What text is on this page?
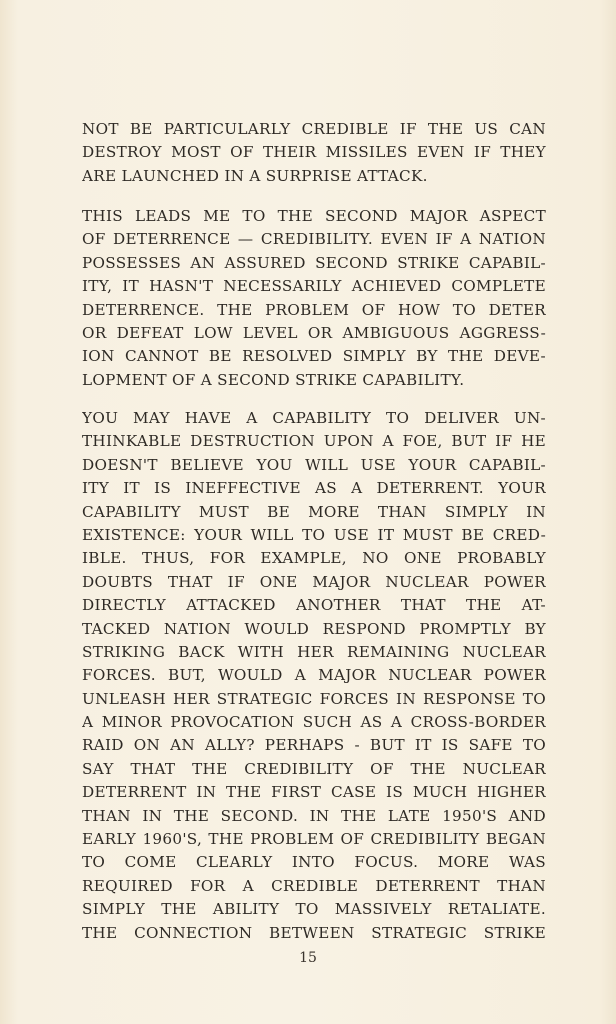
NOT BE PARTICULARLY CREDIBLE IF THE US CAN
DESTROY MOST OF THEIR MISSILES EVEN IF THEY
ARE LAUNCHED IN A SURPRISE ATTACK.
THIS LEADS ME TO THE SECOND MAJOR ASPECT
OF DETERRENCE — CREDIBILITY. EVEN IF A NATION
POSSESSES AN ASSURED SECOND STRIKE CAPABIL-
ITY, IT HASN'T NECESSARILY ACHIEVED COMPLETE
DETERRENCE. THE PROBLEM OF HOW TO DETER
OR DEFEAT LOW LEVEL OR AMBIGUOUS AGGRESS-
ION CANNOT BE RESOLVED SIMPLY BY THE DEVE-
LOPMENT OF A SECOND STRIKE CAPABILITY.
YOU MAY HAVE A CAPABILITY TO DELIVER UN-
THINKABLE DESTRUCTION UPON A FOE, BUT IF HE
DOESN'T BELIEVE YOU WILL USE YOUR CAPABIL-
ITY IT IS INEFFECTIVE AS A DETERRENT. YOUR
CAPABILITY MUST BE MORE THAN SIMPLY IN
EXISTENCE: YOUR WILL TO USE IT MUST BE CRED-
IBLE. THUS, FOR EXAMPLE, NO ONE PROBABLY
DOUBTS THAT IF ONE MAJOR NUCLEAR POWER
DIRECTLY ATTACKED ANOTHER THAT THE AT-
TACKED NATION WOULD RESPOND PROMPTLY BY
STRIKING BACK WITH HER REMAINING NUCLEAR
FORCES. BUT, WOULD A MAJOR NUCLEAR POWER
UNLEASH HER STRATEGIC FORCES IN RESPONSE TO
A MINOR PROVOCATION SUCH AS A CROSS-BORDER
RAID ON AN ALLY? PERHAPS - BUT IT IS SAFE TO
SAY THAT THE CREDIBILITY OF THE NUCLEAR
DETERRENT IN THE FIRST CASE IS MUCH HIGHER
THAN IN THE SECOND. IN THE LATE 1950'S AND
EARLY 1960'S, THE PROBLEM OF CREDIBILITY BEGAN
TO COME CLEARLY INTO FOCUS. MORE WAS
REQUIRED FOR A CREDIBLE DETERRENT THAN
SIMPLY THE ABILITY TO MASSIVELY RETALIATE.
THE CONNECTION BETWEEN STRATEGIC STRIKE
15
